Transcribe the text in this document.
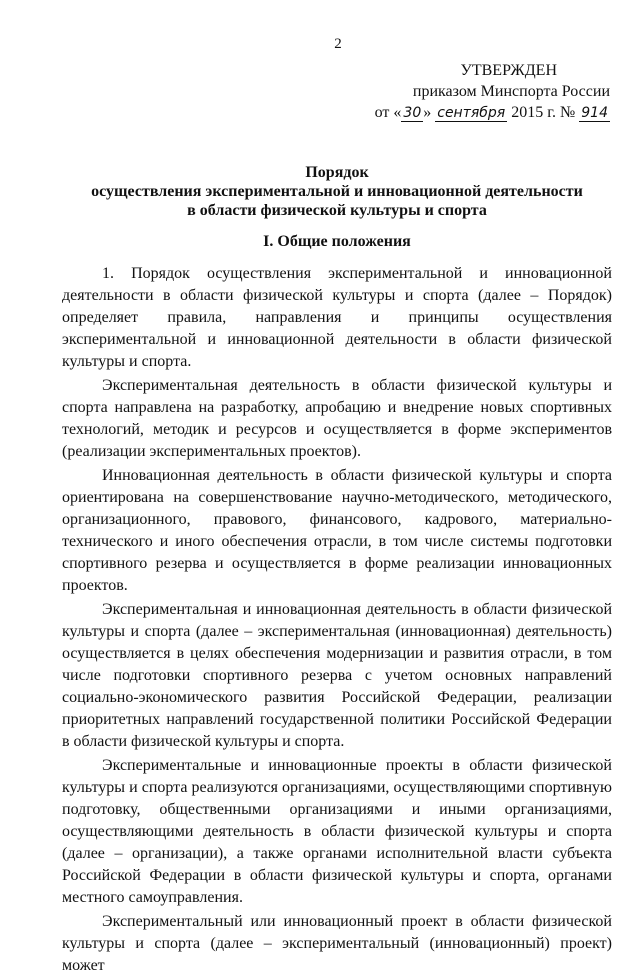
2
УТВЕРЖДЕН
приказом Минспорта России
от « 30 » сентября 2015 г. № 914
Порядок
осуществления экспериментальной и инновационной деятельности
в области физической культуры и спорта
I. Общие положения

1. Порядок осуществления экспериментальной и инновационной деятельности в области физической культуры и спорта (далее – Порядок) определяет правила, направления и принципы осуществления экспериментальной и инновационной деятельности в области физической культуры и спорта.

Экспериментальная деятельность в области физической культуры и спорта направлена на разработку, апробацию и внедрение новых спортивных технологий, методик и ресурсов и осуществляется в форме экспериментов (реализации экспериментальных проектов).

Инновационная деятельность в области физической культуры и спорта ориентирована на совершенствование научно-методического, методического, организационного, правового, финансового, кадрового, материально-технического и иного обеспечения отрасли, в том числе системы подготовки спортивного резерва и осуществляется в форме реализации инновационных проектов.

Экспериментальная и инновационная деятельность в области физической культуры и спорта (далее – экспериментальная (инновационная) деятельность) осуществляется в целях обеспечения модернизации и развития отрасли, в том числе подготовки спортивного резерва с учетом основных направлений социально-экономического развития Российской Федерации, реализации приоритетных направлений государственной политики Российской Федерации в области физической культуры и спорта.

Экспериментальные и инновационные проекты в области физической культуры и спорта реализуются организациями, осуществляющими спортивную подготовку, общественными организациями и иными организациями, осуществляющими деятельность в области физической культуры и спорта (далее – организации), а также органами исполнительной власти субъекта Российской Федерации в области физической культуры и спорта, органами местного самоуправления.

Экспериментальный или инновационный проект в области физической культуры и спорта (далее – экспериментальный (инновационный) проект) может
